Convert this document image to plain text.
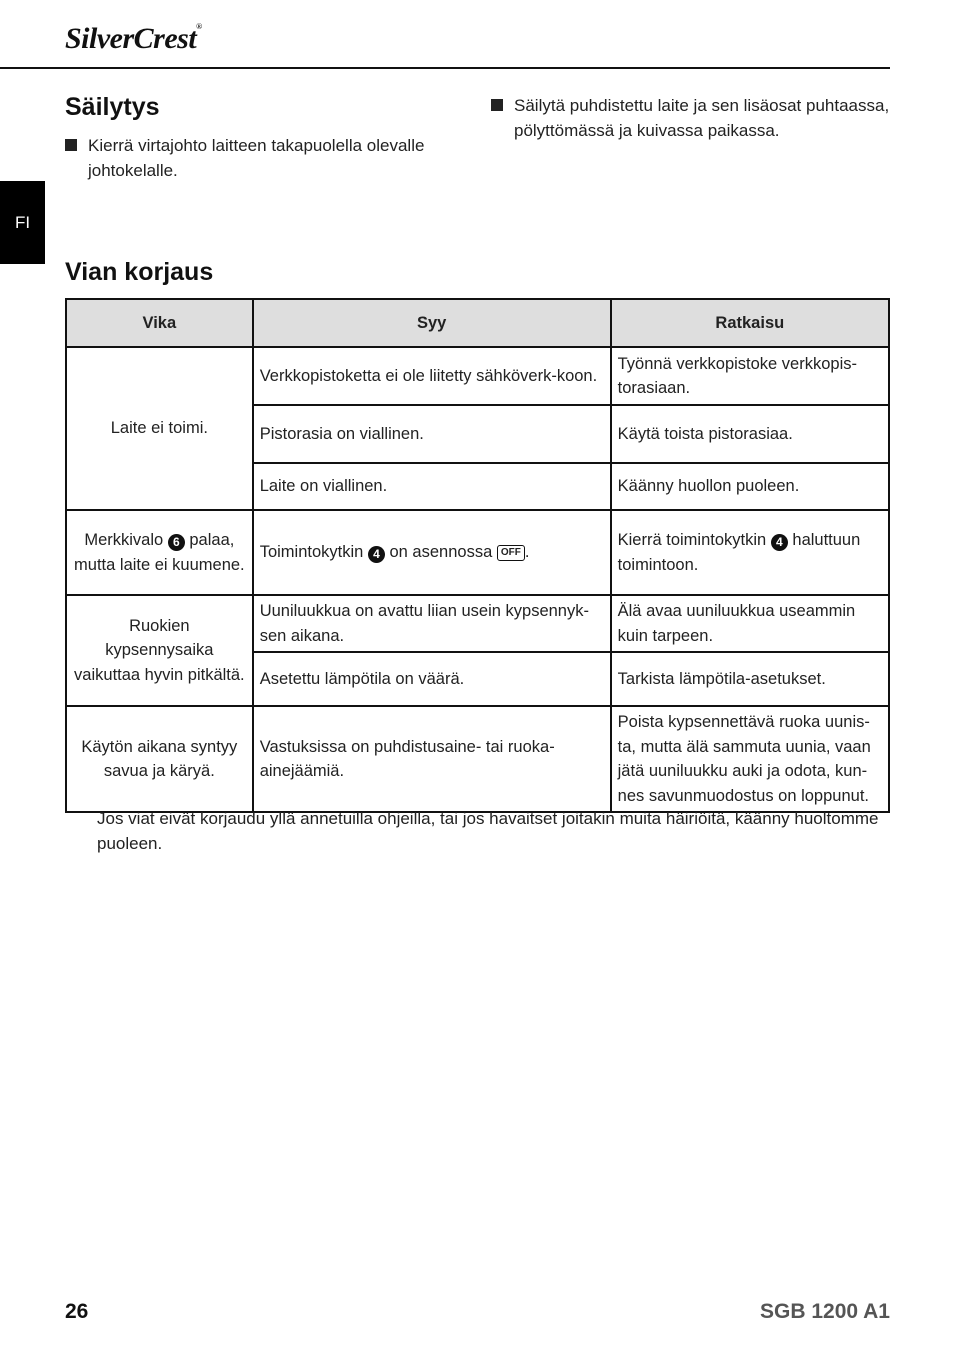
SilverCrest®
FI
Säilytys
Kierrä virtajohto laitteen takapuolella olevalle johtokelalle.
Säilytä puhdistettu laite ja sen lisäosat puhtaassa, pölyttömässä ja kuivassa paikassa.
Vian korjaus
Vika	Syy	Ratkaisu
Laite ei toimi.	Verkkopistoketta ei ole liitetty sähköverk-koon.	Työnnä verkkopistoke verkkopis-torasiaan.
	Pistorasia on viallinen.	Käytä toista pistorasiaa.
	Laite on viallinen.	Käänny huollon puoleen.
Merkkivalo 6 palaa, mutta laite ei kuumene.	Toimintokytkin 4 on asennossa OFF .	Kierrä toimintokytkin 4 haluttuun toimintoon.
Ruokien kypsennysaika vaikuttaa hyvin pitkältä.	Uuniluukkua on avattu liian usein kypsennyk-sen aikana.	Älä avaa uuniluukkua useammin kuin tarpeen.
	Asetettu lämpötila on väärä.	Tarkista lämpötila-asetukset.
Käytön aikana syntyy savua ja käryä.	Vastuksissa on puhdistusaine- tai ruoka-ainejäämiä.	Poista kypsennettävä ruoka uunis-ta, mutta älä sammuta uunia, vaan jätä uuniluukku auki ja odota, kun-nes savunmuodostus on loppunut.
Jos viat eivät korjaudu yllä annetuilla ohjeilla, tai jos havaitset joitakin muita häiriöitä, käänny huoltomme puoleen.
26	SGB 1200 A1
